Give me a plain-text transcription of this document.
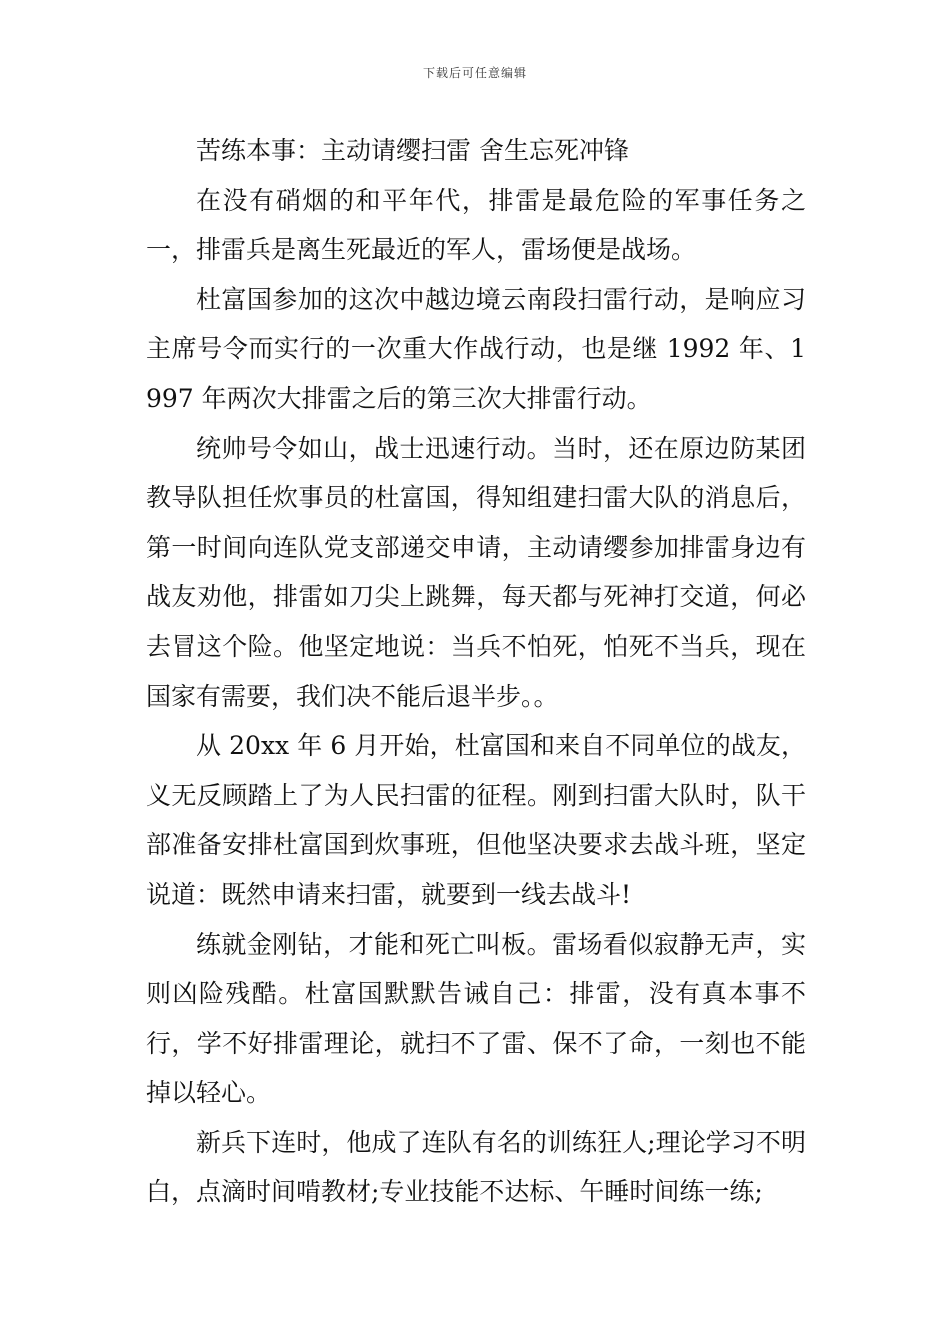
下载后可任意编辑

苦练本事：主动请缨扫雷 舍生忘死冲锋

在没有硝烟的和平年代，排雷是最危险的军事任务之一，排雷兵是离生死最近的军人，雷场便是战场。

杜富国参加的这次中越边境云南段扫雷行动，是响应习主席号令而实行的一次重大作战行动，也是继 1992 年、1997 年两次大排雷之后的第三次大排雷行动。

统帅号令如山，战士迅速行动。当时，还在原边防某团教导队担任炊事员的杜富国，得知组建扫雷大队的消息后，第一时间向连队党支部递交申请，主动请缨参加排雷身边有战友劝他，排雷如刀尖上跳舞，每天都与死神打交道，何必去冒这个险。他坚定地说：当兵不怕死，怕死不当兵，现在国家有需要，我们决不能后退半步。。

从 20xx 年 6 月开始，杜富国和来自不同单位的战友，义无反顾踏上了为人民扫雷的征程。刚到扫雷大队时，队干部准备安排杜富国到炊事班，但他坚决要求去战斗班，坚定说道：既然申请来扫雷，就要到一线去战斗!

练就金刚钻，才能和死亡叫板。雷场看似寂静无声，实则凶险残酷。杜富国默默告诫自己：排雷，没有真本事不行，学不好排雷理论，就扫不了雷、保不了命，一刻也不能掉以轻心。

新兵下连时，他成了连队有名的训练狂人;理论学习不明白，点滴时间啃教材;专业技能不达标、午睡时间练一练;
